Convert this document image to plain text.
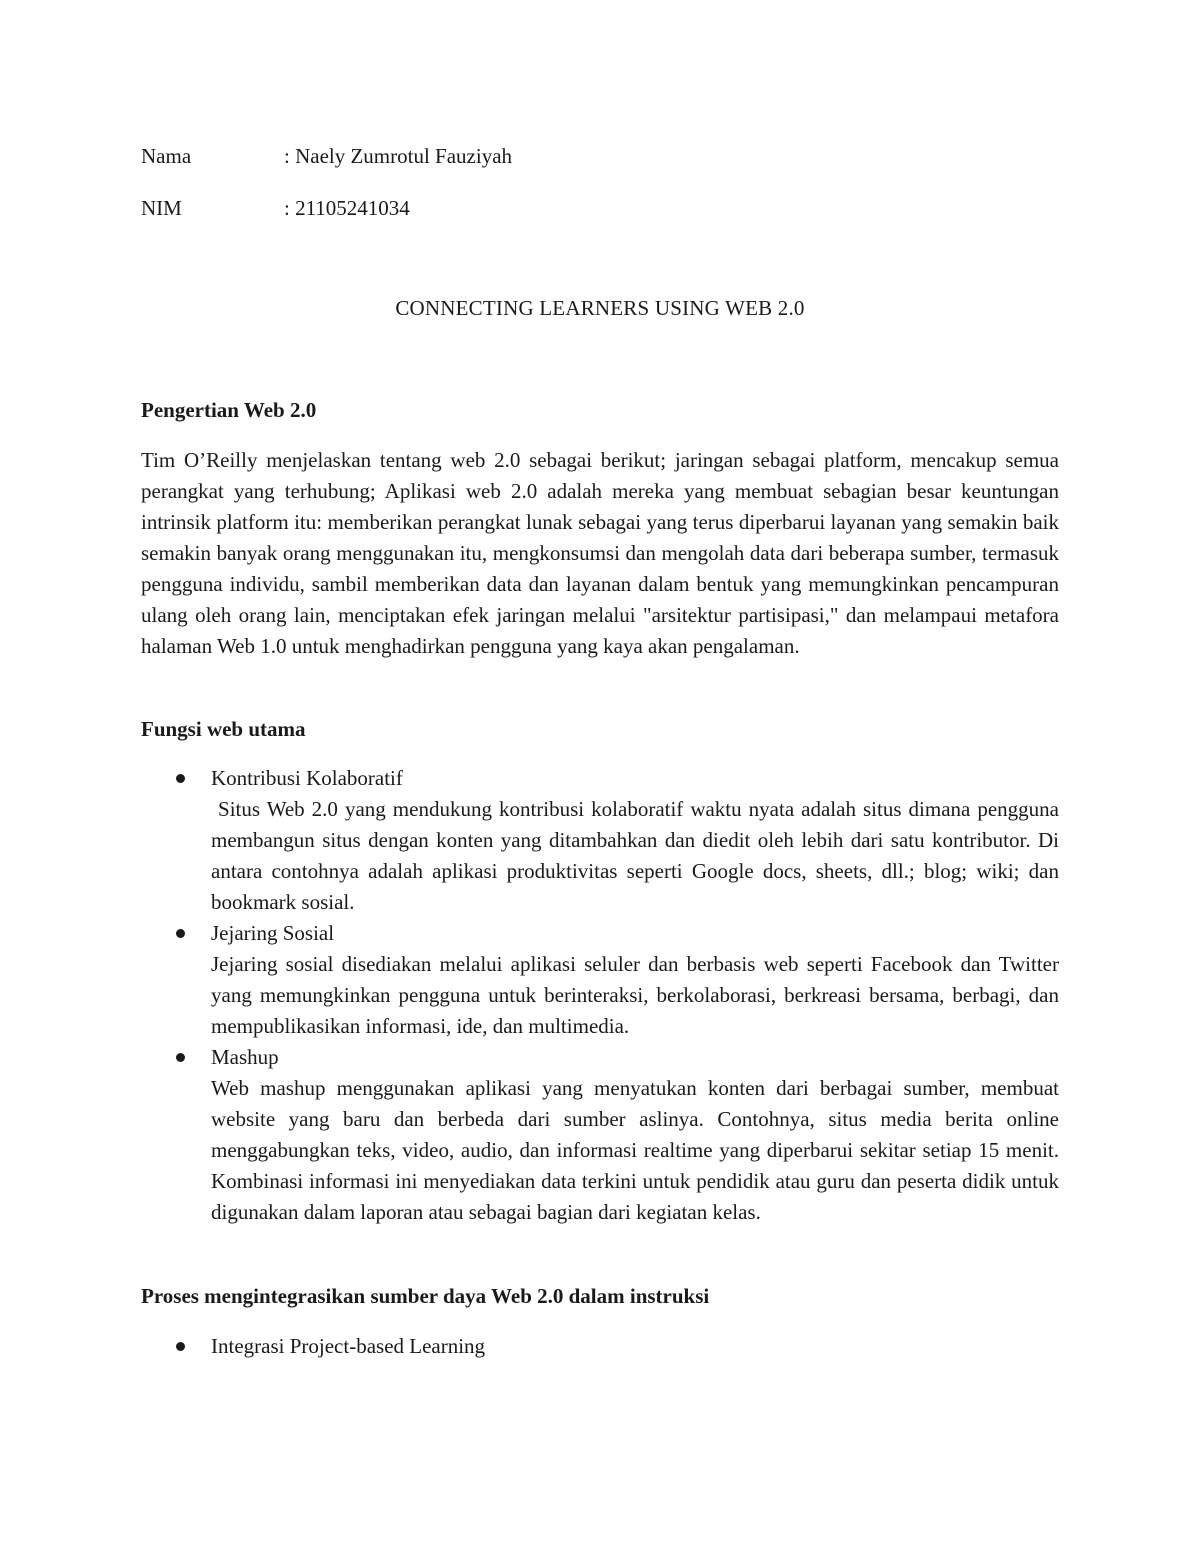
Nama	: Naely Zumrotul Fauziyah
NIM	: 21105241034
CONNECTING LEARNERS USING WEB 2.0
Pengertian Web 2.0

Tim O’Reilly menjelaskan tentang web 2.0 sebagai berikut; jaringan sebagai platform, mencakup semua perangkat yang terhubung; Aplikasi web 2.0 adalah mereka yang membuat sebagian besar keuntungan intrinsik platform itu: memberikan perangkat lunak sebagai yang terus diperbarui layanan yang semakin baik semakin banyak orang menggunakan itu, mengkonsumsi dan mengolah data dari beberapa sumber, termasuk pengguna individu, sambil memberikan data dan layanan dalam bentuk yang memungkinkan pencampuran ulang oleh orang lain, menciptakan efek jaringan melalui "arsitektur partisipasi," dan melampaui metafora halaman Web 1.0 untuk menghadirkan pengguna yang kaya akan pengalaman.

Fungsi web utama
Kontribusi Kolaboratif
Situs Web 2.0 yang mendukung kontribusi kolaboratif waktu nyata adalah situs dimana pengguna membangun situs dengan konten yang ditambahkan dan diedit oleh lebih dari satu kontributor. Di antara contohnya adalah aplikasi produktivitas seperti Google docs, sheets, dll.; blog; wiki; dan bookmark sosial.
Jejaring Sosial
Jejaring sosial disediakan melalui aplikasi seluler dan berbasis web seperti Facebook dan Twitter yang memungkinkan pengguna untuk berinteraksi, berkolaborasi, berkreasi bersama, berbagi, dan mempublikasikan informasi, ide, dan multimedia.
Mashup
Web mashup menggunakan aplikasi yang menyatukan konten dari berbagai sumber, membuat website yang baru dan berbeda dari sumber aslinya. Contohnya, situs media berita online menggabungkan teks, video, audio, dan informasi realtime yang diperbarui sekitar setiap 15 menit. Kombinasi informasi ini menyediakan data terkini untuk pendidik atau guru dan peserta didik untuk digunakan dalam laporan atau sebagai bagian dari kegiatan kelas.
Proses mengintegrasikan sumber daya Web 2.0 dalam instruksi
Integrasi Project-based Learning
